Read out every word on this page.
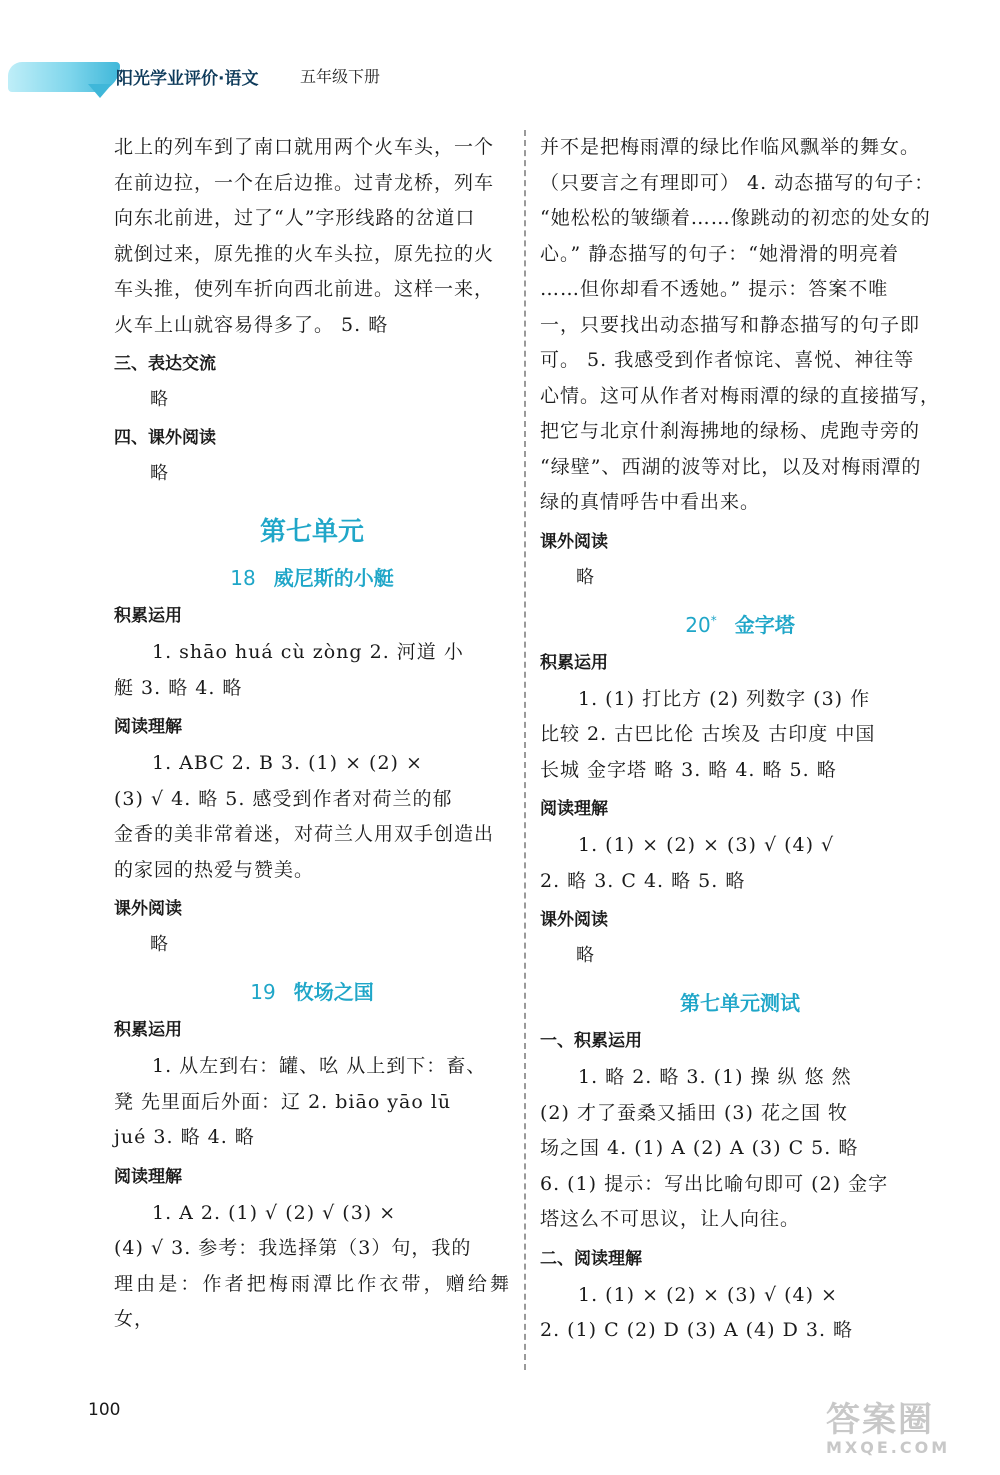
阳光学业评价·语文	五年级下册
北上的列车到了南口就用两个火车头，一个
在前边拉，一个在后边推。过青龙桥，列车
向东北前进，过了“人”字形线路的岔道口
就倒过来，原先推的火车头拉，原先拉的火
车头推，使列车折向西北前进。这样一来，
火车上山就容易得多了。 5. 略
三、表达交流
略
四、课外阅读
略
第七单元
18 威尼斯的小艇
积累运用
1. shāo huá cù zòng 2. 河道 小
艇 3. 略 4. 略
阅读理解
1. ABC 2. B 3. (1) × (2) ×
(3) √ 4. 略 5. 感受到作者对荷兰的郁
金香的美非常着迷，对荷兰人用双手创造出
的家园的热爱与赞美。
课外阅读
略
19 牧场之国
积累运用
1. 从左到右：罐、吆 从上到下：畜、
凳 先里面后外面：辽 2. biāo yāo lū
jué 3. 略 4. 略
阅读理解
1. A 2. (1) √ (2) √ (3) ×
(4) √ 3. 参考：我选择第（3）句，我的
理由是：作者把梅雨潭比作衣带，赠给舞女，
并不是把梅雨潭的绿比作临风飘举的舞女。
（只要言之有理即可） 4. 动态描写的句子：
“她松松的皱缬着……像跳动的初恋的处女的
心。” 静态描写的句子：“她滑滑的明亮着
……但你却看不透她。” 提示：答案不唯
一，只要找出动态描写和静态描写的句子即
可。 5. 我感受到作者惊诧、喜悦、神往等
心情。这可从作者对梅雨潭的绿的直接描写，
把它与北京什刹海拂地的绿杨、虎跑寺旁的
“绿壁”、西湖的波等对比，以及对梅雨潭的
绿的真情呼告中看出来。
课外阅读
略
20* 金字塔
积累运用
1. (1) 打比方 (2) 列数字 (3) 作
比较 2. 古巴比伦 古埃及 古印度 中国
长城 金字塔 略 3. 略 4. 略 5. 略
阅读理解
1. (1) × (2) × (3) √ (4) √
2. 略 3. C 4. 略 5. 略
课外阅读
略
第七单元测试
一、积累运用
1. 略 2. 略 3. (1) 操 纵 悠 然
(2) 才了蚕桑又插田 (3) 花之国 牧
场之国 4. (1) A (2) A (3) C 5. 略
6. (1) 提示：写出比喻句即可 (2) 金字
塔这么不可思议，让人向往。
二、阅读理解
1. (1) × (2) × (3) √ (4) ×
2. (1) C (2) D (3) A (4) D 3. 略
100	答案圈
MXQE.COM
